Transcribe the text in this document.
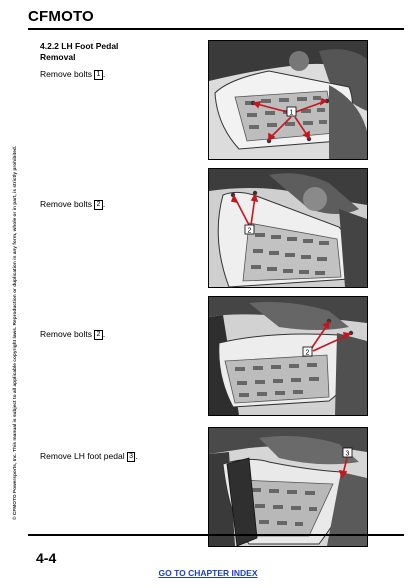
CFMOTO
© CFMOTO Powersports, Inc. This manual is subject to all applicable copyright laws. Reproduction or duplication in any form, whole or in part, is strictly prohibited.
4.2.2 LH Foot Pedal
Removal
Remove bolts 1 .
1
Remove bolts 2 .
2
Remove bolts 2 .
2
Remove LH foot pedal 3 .	3
4-4
GO TO CHAPTER INDEX
